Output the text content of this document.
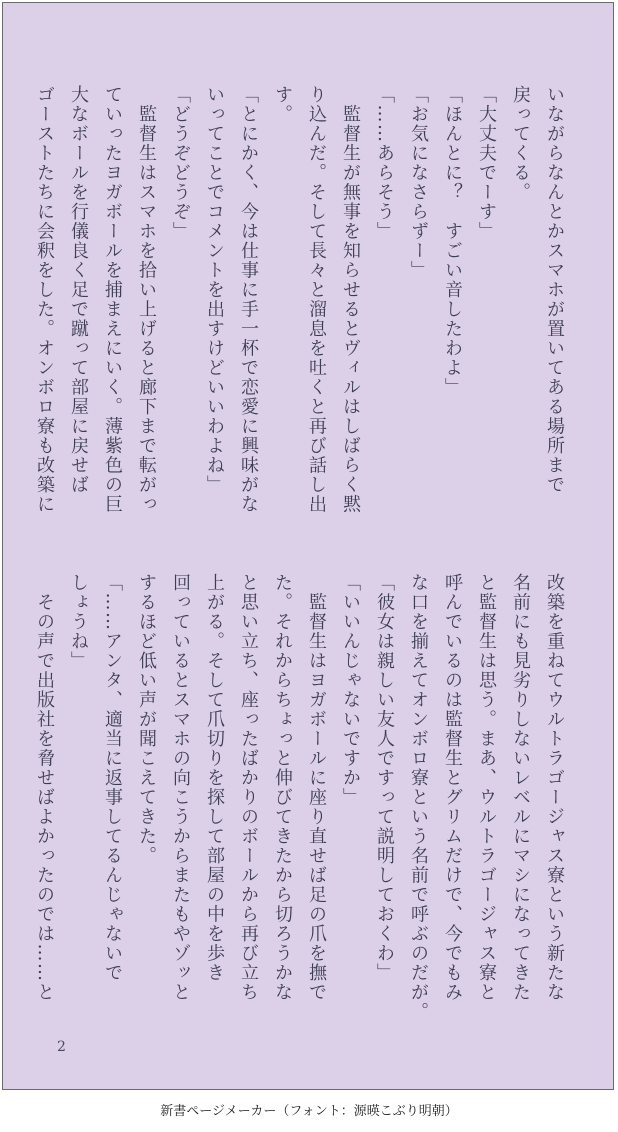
いながらなんとかスマホが置いてある場所まで
戻ってくる。
「大丈夫でーす」
「ほんとに？　すごい音したわよ」
「お気になさらずー」
「……あらそう」
　監督生が無事を知らせるとヴィルはしばらく黙
り込んだ。そして長々と溜息を吐くと再び話し出
す。
「とにかく、今は仕事に手一杯で恋愛に興味がな
いってことでコメントを出すけどいいわよね」
「どうぞどうぞ」
　監督生はスマホを拾い上げると廊下まで転がっ
ていったヨガボールを捕まえにいく。薄紫色の巨
大なボールを行儀良く足で蹴って部屋に戻せば
ゴーストたちに会釈をした。オンボロ寮も改築に
改築を重ねてウルトラゴージャス寮という新たな
名前にも見劣りしないレベルにマシになってきた
と監督生は思う。まあ、ウルトラゴージャス寮と
呼んでいるのは監督生とグリムだけで、今でもみ
な口を揃えてオンボロ寮という名前で呼ぶのだが。
「彼女は親しい友人ですって説明しておくわ」
「いいんじゃないですか」
　監督生はヨガボールに座り直せば足の爪を撫で
た。それからちょっと伸びてきたから切ろうかな
と思い立ち、座ったばかりのボールから再び立ち
上がる。そして爪切りを探して部屋の中を歩き
回っているとスマホの向こうからまたもやゾッと
するほど低い声が聞こえてきた。
「……アンタ、適当に返事してるんじゃないで
しょうね」
　その声で出版社を脅せばよかったのでは……と
2
新書ページメーカー（フォント：源暎こぶり明朝）
